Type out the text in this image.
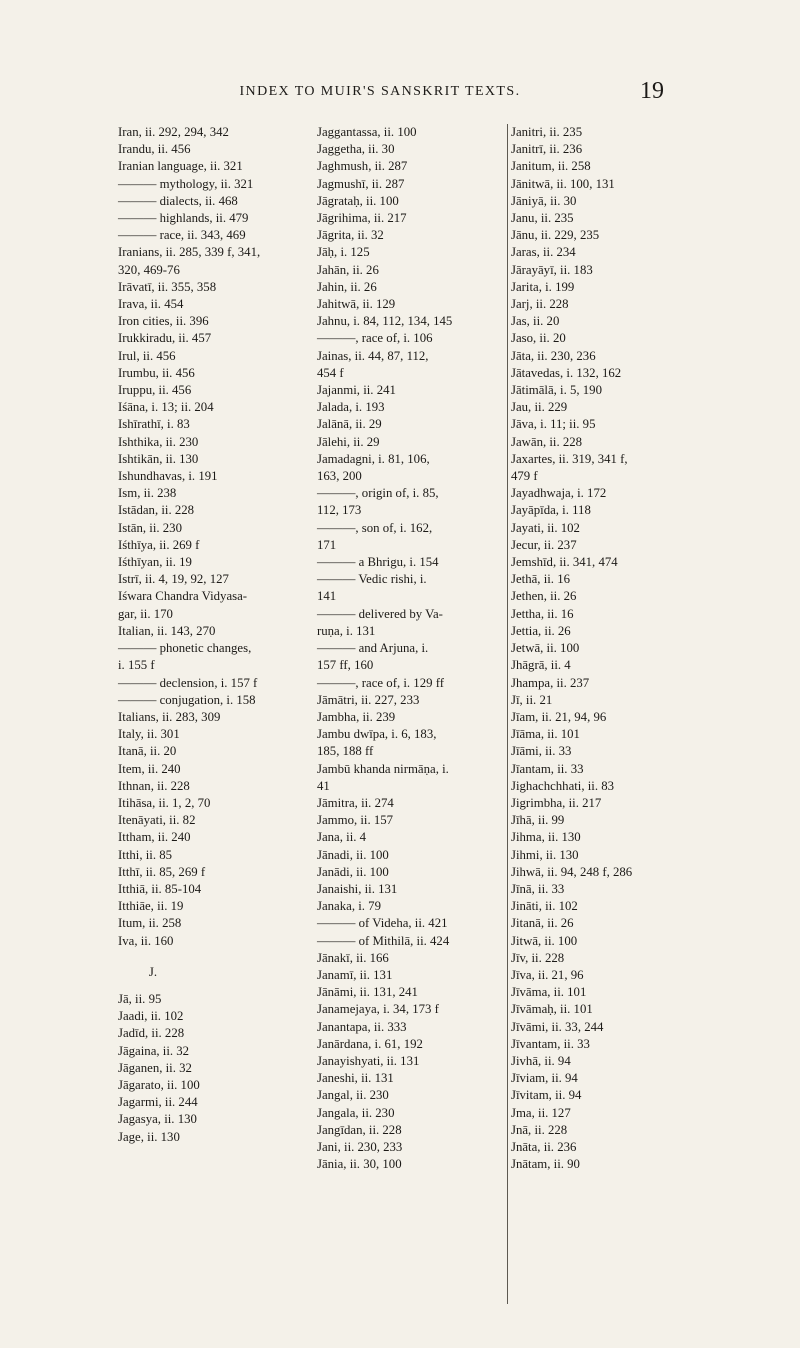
INDEX TO MUIR'S SANSKRIT TEXTS.	19
Iran, ii. 292, 294, 342
Irandu, ii. 456
Iranian language, ii. 321
——— mythology, ii. 321
——— dialects, ii. 468
——— highlands, ii. 479
——— race, ii. 343, 469
Iranians, ii. 285, 339 f, 341,
320, 469-76
Irāvatī, ii. 355, 358
Irava, ii. 454
Iron cities, ii. 396
Irukkiradu, ii. 457
Irul, ii. 456
Irumbu, ii. 456
Iruppu, ii. 456
Iśāna, i. 13; ii. 204
Ishīrathī, i. 83
Ishthika, ii. 230
Ishtikān, ii. 130
Ishundhavas, i. 191
Ism, ii. 238
Istādan, ii. 228
Istān, ii. 230
Iśthīya, ii. 269 f
Iśthīyan, ii. 19
Istrī, ii. 4, 19, 92, 127
Iśwara Chandra Vidyasa-
gar, ii. 170
Italian, ii. 143, 270
——— phonetic changes,
i. 155 f
——— declension, i. 157 f
——— conjugation, i. 158
Italians, ii. 283, 309
Italy, ii. 301
Itanā, ii. 20
Item, ii. 240
Ithnan, ii. 228
Itihāsa, ii. 1, 2, 70
Itenāyati, ii. 82
Ittham, ii. 240
Itthi, ii. 85
Itthī, ii. 85, 269 f
Itthiā, ii. 85-104
Itthiāe, ii. 19
Itum, ii. 258
Iva, ii. 160
J.
Jā, ii. 95
Jaadi, ii. 102
Jadīd, ii. 228
Jāgaina, ii. 32
Jāganen, ii. 32
Jāgarato, ii. 100
Jagarmi, ii. 244
Jagasya, ii. 130
Jage, ii. 130
Jaggantassa, ii. 100
Jaggetha, ii. 30
Jaghmush, ii. 287
Jagmushī, ii. 287
Jāgrataḥ, ii. 100
Jāgrihima, ii. 217
Jāgrita, ii. 32
Jāḥ, i. 125
Jahān, ii. 26
Jahin, ii. 26
Jahitwā, ii. 129
Jahnu, i. 84, 112, 134, 145
———, race of, i. 106
Jainas, ii. 44, 87, 112,
454 f
Jajanmi, ii. 241
Jalada, i. 193
Jalānā, ii. 29
Jālehi, ii. 29
Jamadagni, i. 81, 106,
163, 200
———, origin of, i. 85,
112, 173
———, son of, i. 162,
171
——— a Bhrigu, i. 154
——— Vedic rishi, i.
141
——— delivered by Va-
ruṇa, i. 131
——— and Arjuna, i.
157 ff, 160
———, race of, i. 129 ff
Jāmātri, ii. 227, 233
Jambha, ii. 239
Jambu dwīpa, i. 6, 183,
185, 188 ff
Jambū khanda nirmāṇa, i.
41
Jāmitra, ii. 274
Jammo, ii. 157
Jana, ii. 4
Jānadi, ii. 100
Janādi, ii. 100
Janaishi, ii. 131
Janaka, i. 79
——— of Videha, ii. 421
——— of Mithilā, ii. 424
Jānakī, ii. 166
Janamī, ii. 131
Jānāmi, ii. 131, 241
Janamejaya, i. 34, 173 f
Janantapa, ii. 333
Janārdana, i. 61, 192
Janayishyati, ii. 131
Janeshi, ii. 131
Jangal, ii. 230
Jangala, ii. 230
Jangīdan, ii. 228
Jani, ii. 230, 233
Jānia, ii. 30, 100
Janitri, ii. 235
Janitrī, ii. 236
Janitum, ii. 258
Jānitwā, ii. 100, 131
Jāniyā, ii. 30
Janu, ii. 235
Jānu, ii. 229, 235
Jaras, ii. 234
Jārayāyī, ii. 183
Jarita, i. 199
Jarj, ii. 228
Jas, ii. 20
Jaso, ii. 20
Jāta, ii. 230, 236
Jātavedas, i. 132, 162
Jātimālā, i. 5, 190
Jau, ii. 229
Jāva, i. 11; ii. 95
Jawān, ii. 228
Jaxartes, ii. 319, 341 f,
479 f
Jayadhwaja, i. 172
Jayāpīda, i. 118
Jayati, ii. 102
Jecur, ii. 237
Jemshīd, ii. 341, 474
Jethā, ii. 16
Jethen, ii. 26
Jettha, ii. 16
Jettia, ii. 26
Jetwā, ii. 100
Jhāgrā, ii. 4
Jhampa, ii. 237
Jī, ii. 21
Jīam, ii. 21, 94, 96
Jīāma, ii. 101
Jīāmi, ii. 33
Jīantam, ii. 33
Jighachchhati, ii. 83
Jigrimbha, ii. 217
Jīhā, ii. 99
Jihma, ii. 130
Jihmi, ii. 130
Jihwā, ii. 94, 248 f, 286
Jīnā, ii. 33
Jināti, ii. 102
Jitanā, ii. 26
Jitwā, ii. 100
Jīv, ii. 228
Jīva, ii. 21, 96
Jīvāma, ii. 101
Jīvāmaḥ, ii. 101
Jīvāmi, ii. 33, 244
Jīvantam, ii. 33
Jivhā, ii. 94
Jīviam, ii. 94
Jīvitam, ii. 94
Jma, ii. 127
Jnā, ii. 228
Jnāta, ii. 236
Jnātam, ii. 90
